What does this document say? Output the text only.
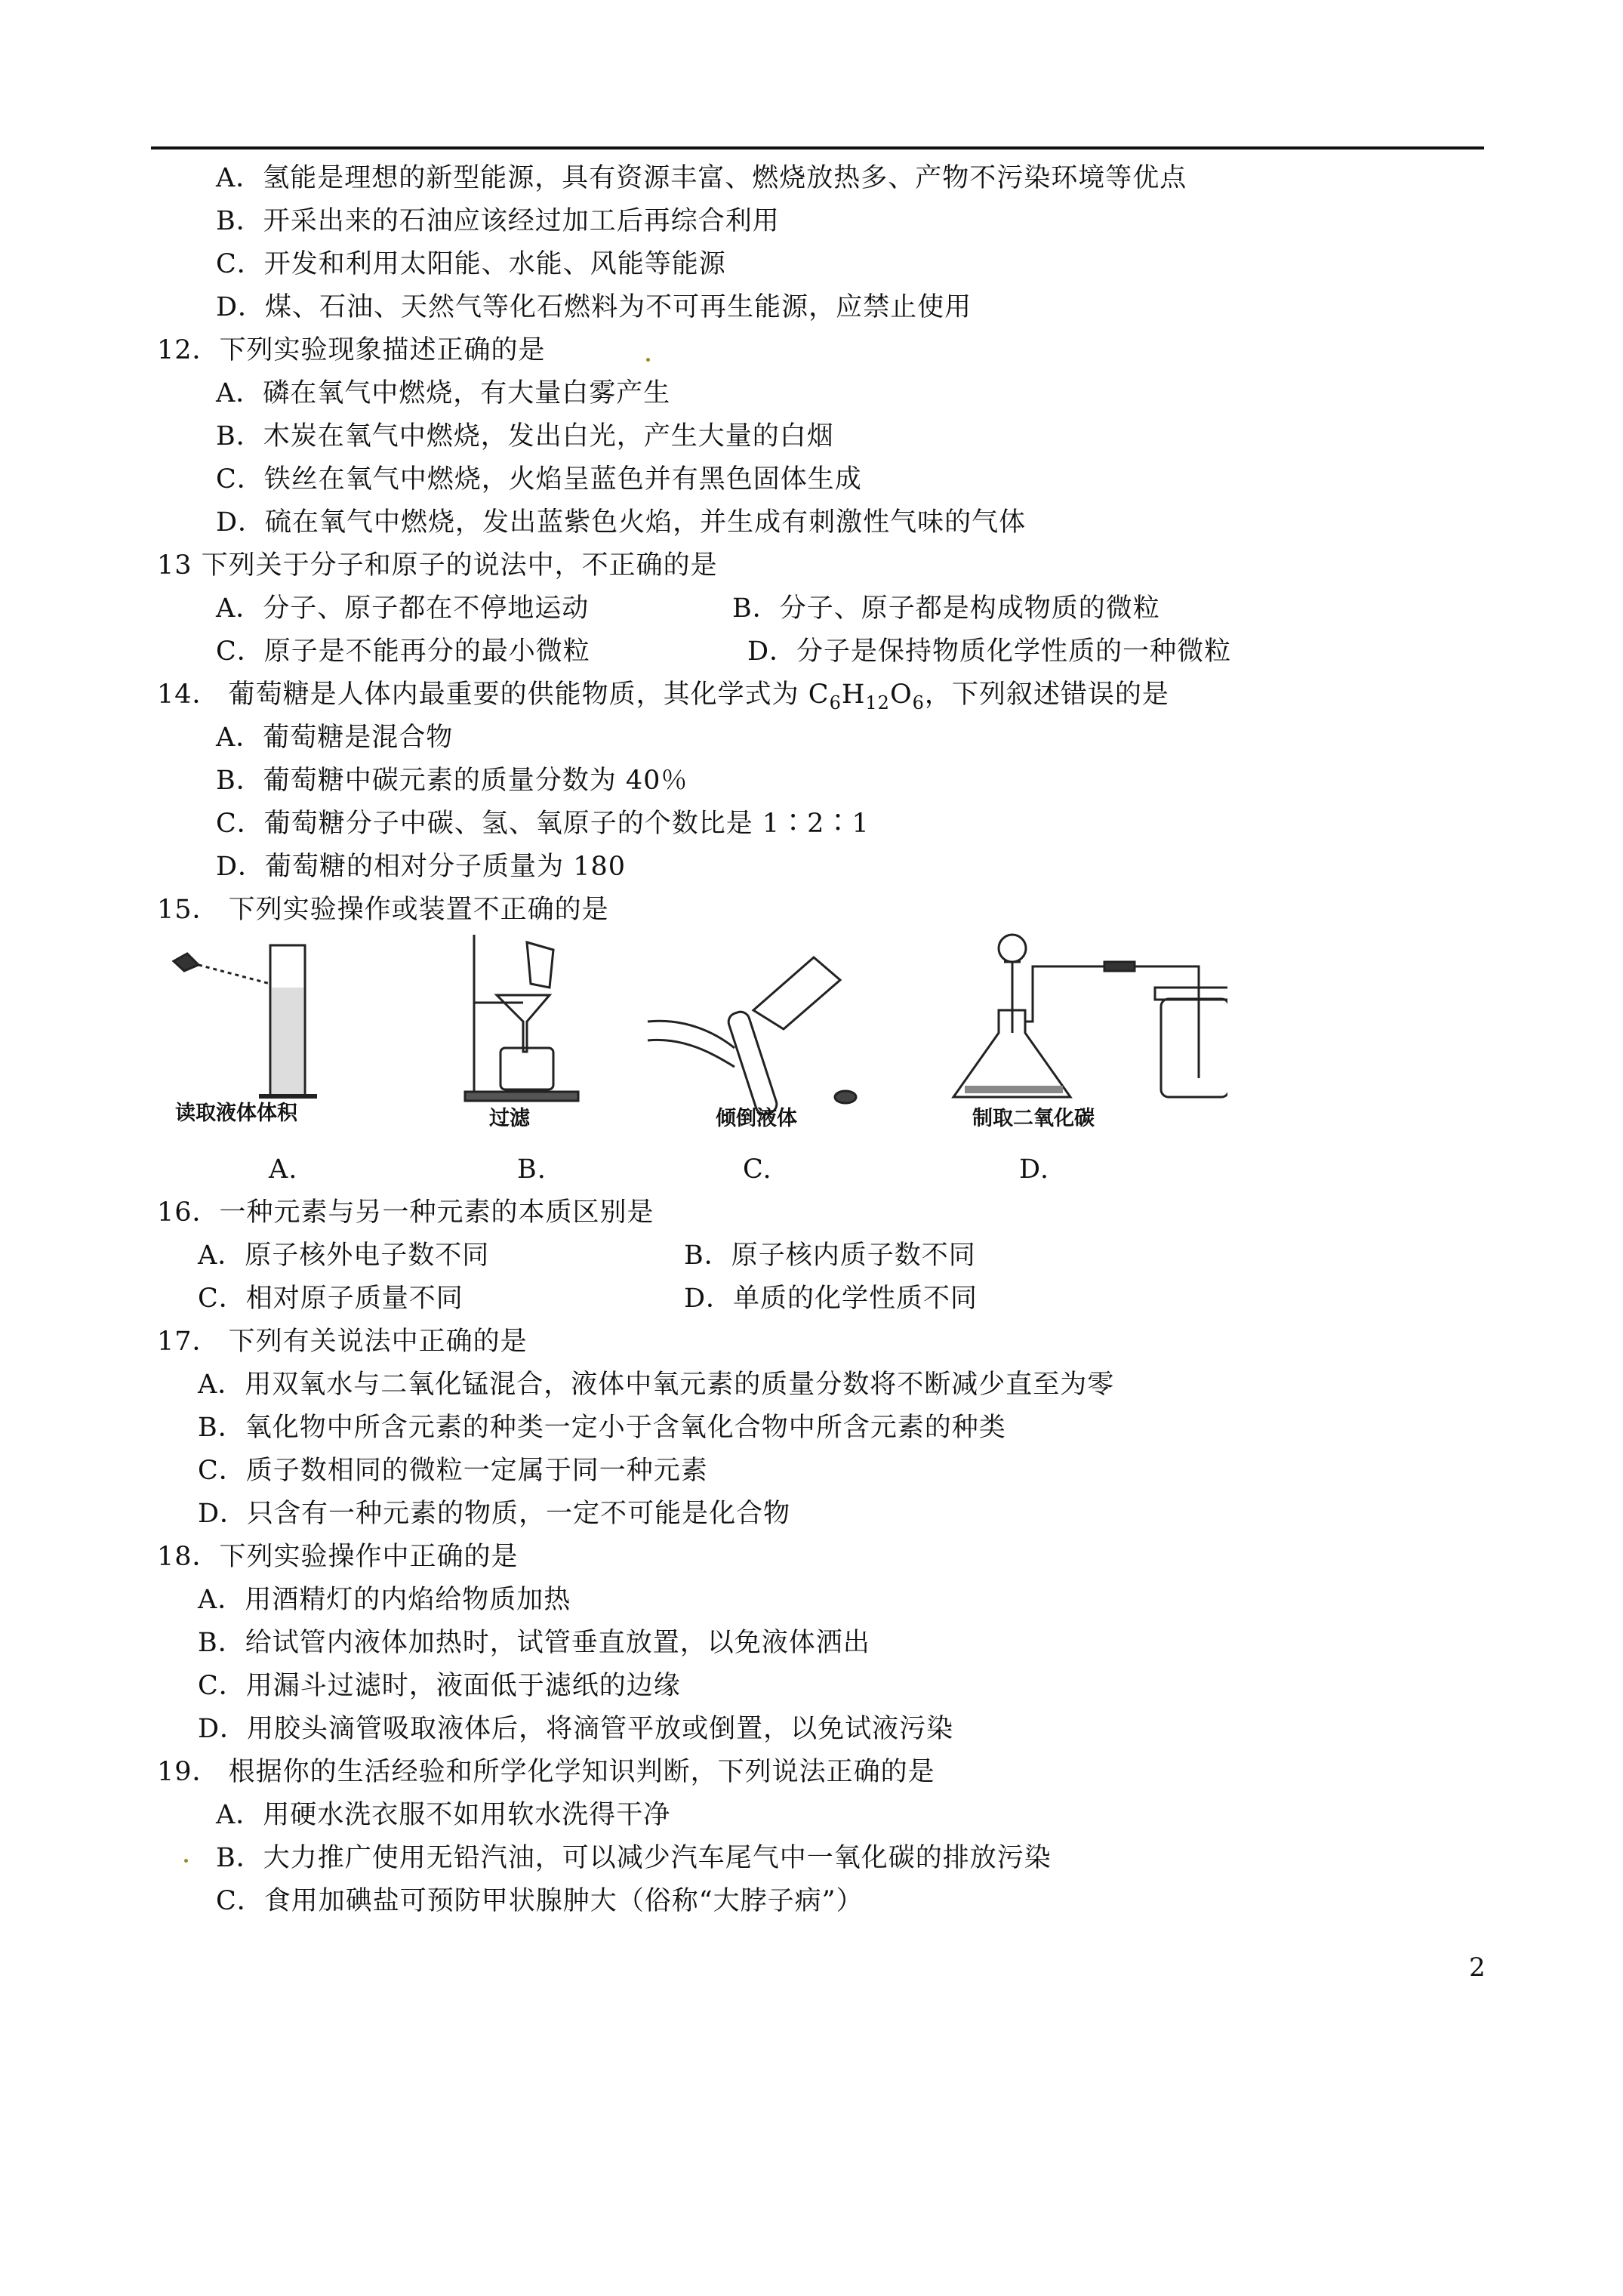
A．氢能是理想的新型能源，具有资源丰富、燃烧放热多、产物不污染环境等优点
B．开采出来的石油应该经过加工后再综合利用
C．开发和利用太阳能、水能、风能等能源
D．煤、石油、天然气等化石燃料为不可再生能源，应禁止使用
12．下列实验现象描述正确的是
A．磷在氧气中燃烧，有大量白雾产生
B．木炭在氧气中燃烧，发出白光，产生大量的白烟
C．铁丝在氧气中燃烧，火焰呈蓝色并有黑色固体生成
D．硫在氧气中燃烧，发出蓝紫色火焰，并生成有刺激性气味的气体
13 下列关于分子和原子的说法中，不正确的是
A．分子、原子都在不停地运动	B．分子、原子都是构成物质的微粒
C．原子是不能再分的最小微粒	D．分子是保持物质化学性质的一种微粒
14． 葡萄糖是人体内最重要的供能物质，其化学式为 $C_6H_{12}O_6$，下列叙述错误的是
A．葡萄糖是混合物
B．葡萄糖中碳元素的质量分数为 40％
C．葡萄糖分子中碳、氢、氧原子的个数比是 1∶2∶1
D．葡萄糖的相对分子质量为 180
15． 下列实验操作或装置不正确的是
读取液体体积	过滤	倾倒液体	制取二氧化碳
A.	B.	C.	D.
16．一种元素与另一种元素的本质区别是
A．原子核外电子数不同	B．原子核内质子数不同
C．相对原子质量不同	D．单质的化学性质不同
17． 下列有关说法中正确的是
A．用双氧水与二氧化锰混合，液体中氧元素的质量分数将不断减少直至为零
B．氧化物中所含元素的种类一定小于含氧化合物中所含元素的种类
C．质子数相同的微粒一定属于同一种元素
D．只含有一种元素的物质，一定不可能是化合物
18．下列实验操作中正确的是
A．用酒精灯的内焰给物质加热
B．给试管内液体加热时，试管垂直放置，以免液体洒出
C．用漏斗过滤时，液面低于滤纸的边缘
D．用胶头滴管吸取液体后，将滴管平放或倒置，以免试液污染
19． 根据你的生活经验和所学化学知识判断，下列说法正确的是
A．用硬水洗衣服不如用软水洗得干净
B．大力推广使用无铅汽油，可以减少汽车尾气中一氧化碳的排放污染
C．食用加碘盐可预防甲状腺肿大（俗称“大脖子病”）
2
